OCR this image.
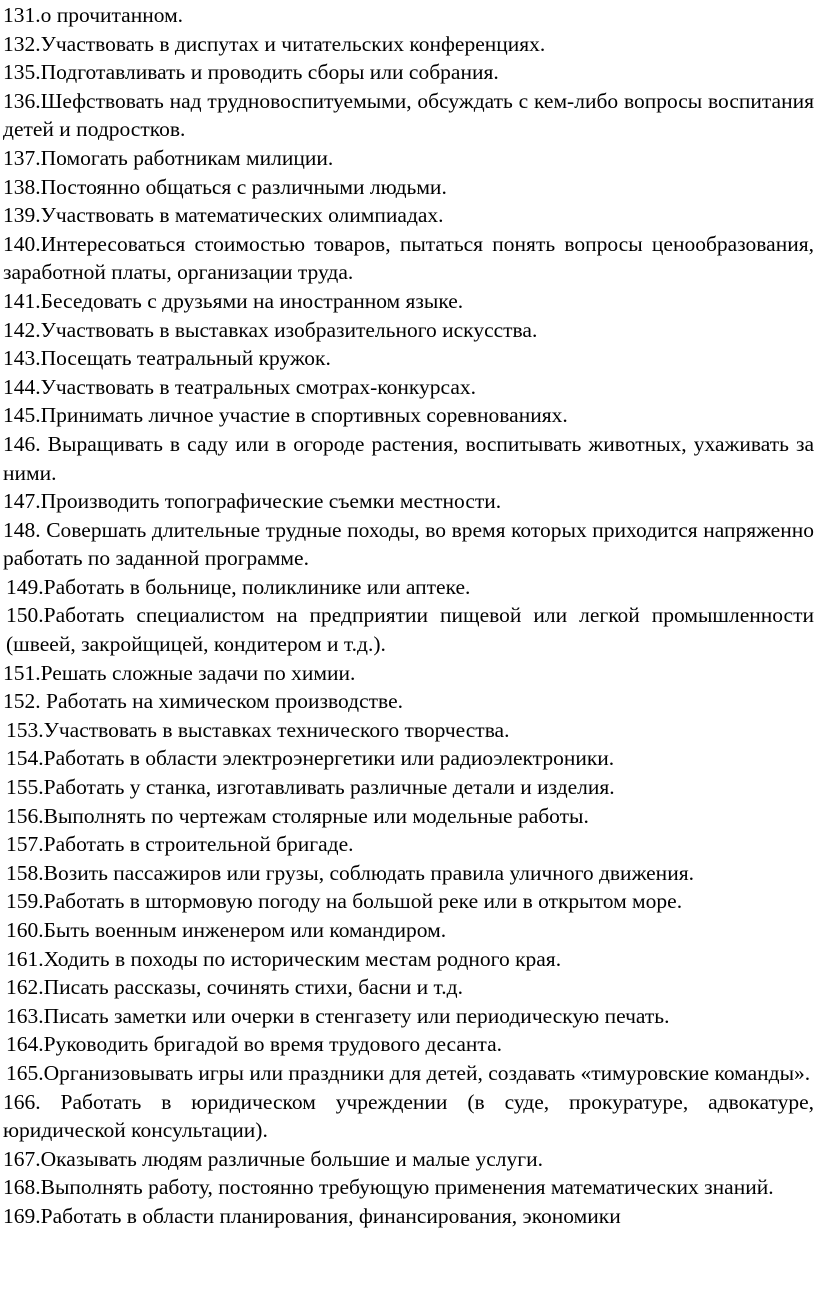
131.о прочитанном.

132.Участвовать в диспутах и читательских конференциях.

135.Подготавливать и проводить сборы или собрания.

136.Шефствовать над трудновоспитуемыми, обсуждать с кем-либо вопросы воспитания детей и подростков.

137.Помогать работникам милиции.

138.Постоянно общаться с различными людьми.

139.Участвовать в математических олимпиадах.

140.Интересоваться стоимостью товаров, пытаться понять вопросы ценообразования, заработной платы, организации труда.

141.Беседовать с друзьями на иностранном языке.

142.Участвовать в выставках изобразительного искусства.

143.Посещать театральный кружок.

144.Участвовать в театральных смотрах-конкурсах.

145.Принимать личное участие в спортивных соревнованиях.

146. Выращивать в саду или в огороде растения, воспитывать животных, ухаживать за ними.

147.Производить топографические съемки местности.

148. Совершать длительные трудные походы, во время которых приходится напряженно работать по заданной программе.

149.Работать в больнице, поликлинике или аптеке.

150.Работать специалистом на предприятии пищевой или легкой промышленности (швеей, закройщицей, кондитером и т.д.).

151.Решать сложные задачи по химии.

152. Работать на химическом производстве.

153.Участвовать в выставках технического творчества.

154.Работать в области электроэнергетики или радиоэлектроники.

155.Работать у станка, изготавливать различные детали и изделия.

156.Выполнять по чертежам столярные или модельные работы.

157.Работать в строительной бригаде.

158.Возить пассажиров или грузы, соблюдать правила уличного движения.

159.Работать в штормовую погоду на большой реке или в открытом море.

160.Быть военным инженером или командиром.

161.Ходить в походы по историческим местам родного края.

162.Писать рассказы, сочинять стихи, басни и т.д.

163.Писать заметки или очерки в стенгазету или периодическую печать.

164.Руководить бригадой во время трудового десанта.

165.Организовывать игры или праздники для детей, создавать «тимуровские команды».

166. Работать в юридическом учреждении (в суде, прокуратуре, адвокатуре, юридической консультации).

167.Оказывать людям различные большие и малые услуги.

168.Выполнять работу, постоянно требующую применения математических знаний.

169.Работать в области планирования, финансирования, экономики
